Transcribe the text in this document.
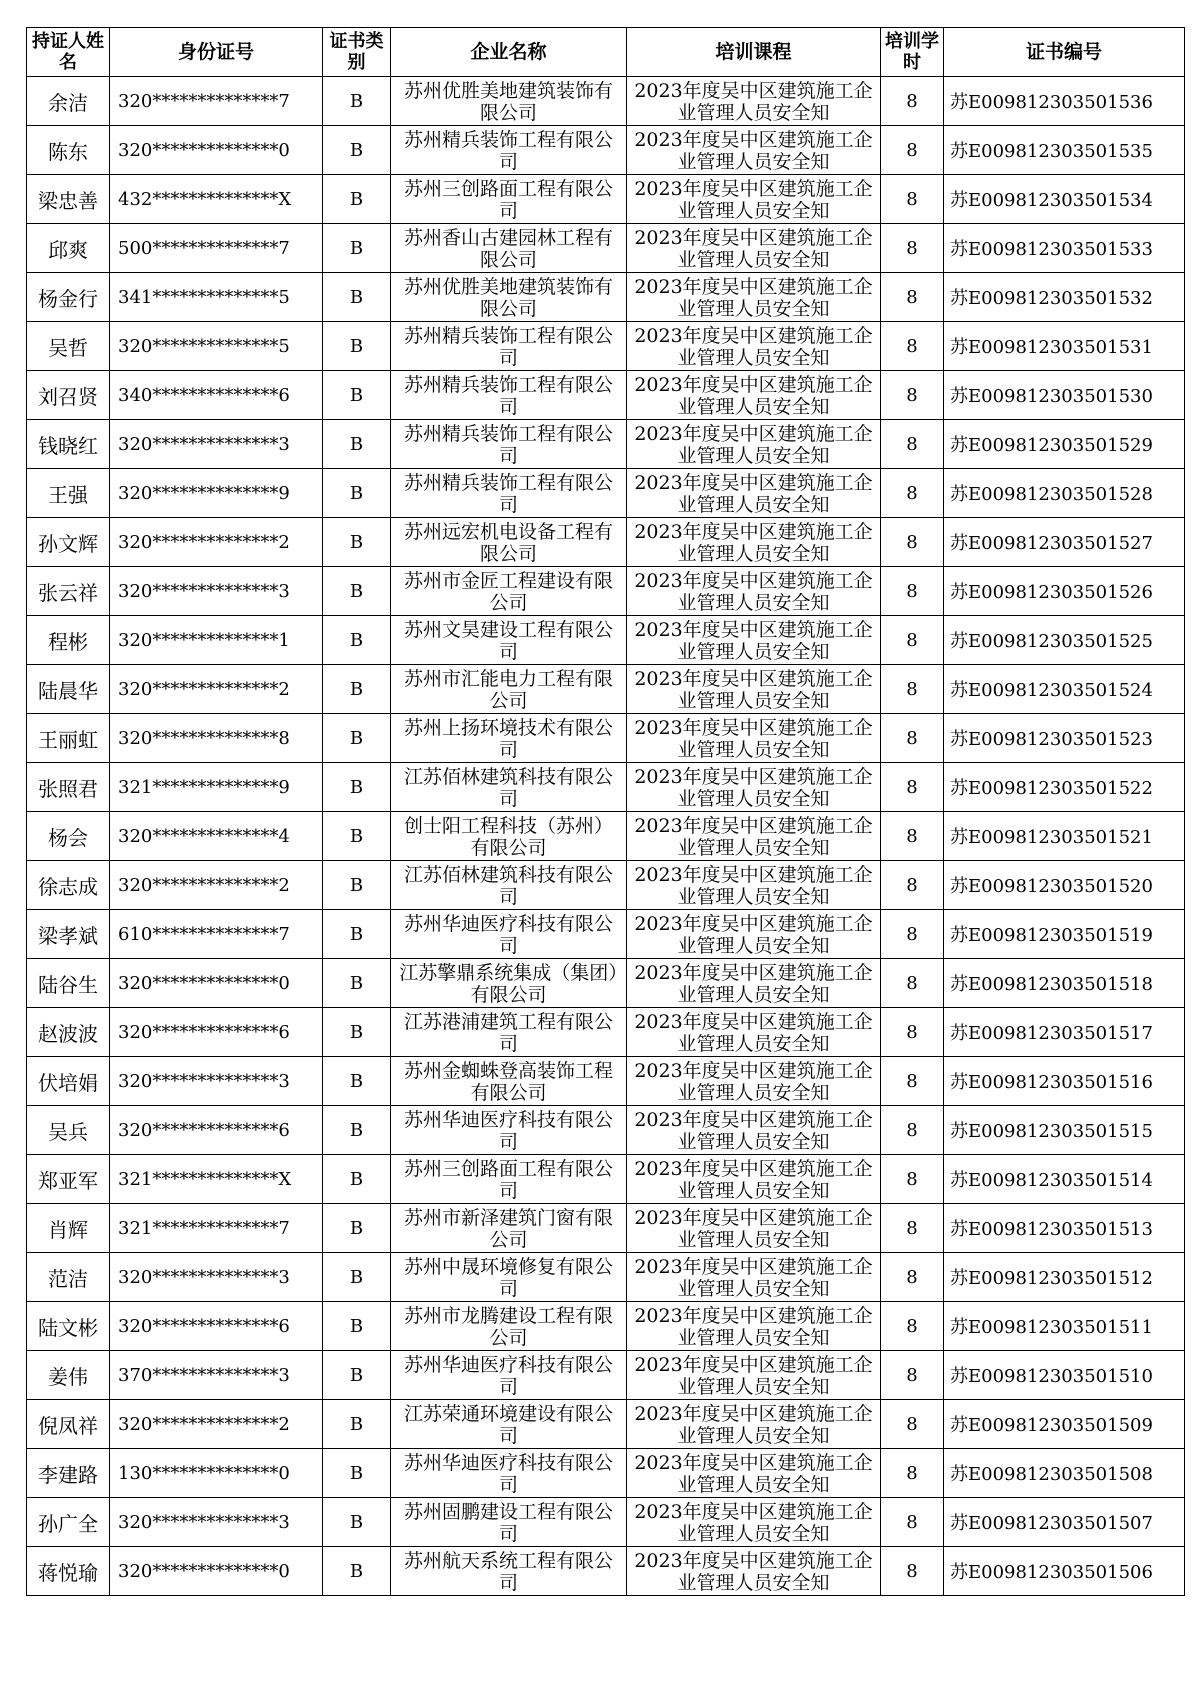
持证人姓名	身份证号	证书类别	企业名称	培训课程	培训学时	证书编号
余洁	320**************7	B	苏州优胜美地建筑装饰有限公司	2023年度吴中区建筑施工企业管理人员安全知	8	苏E009812303501536
陈东	320**************0	B	苏州精兵装饰工程有限公司	2023年度吴中区建筑施工企业管理人员安全知	8	苏E009812303501535
梁忠善	432**************X	B	苏州三创路面工程有限公司	2023年度吴中区建筑施工企业管理人员安全知	8	苏E009812303501534
邱爽	500**************7	B	苏州香山古建园林工程有限公司	2023年度吴中区建筑施工企业管理人员安全知	8	苏E009812303501533
杨金行	341**************5	B	苏州优胜美地建筑装饰有限公司	2023年度吴中区建筑施工企业管理人员安全知	8	苏E009812303501532
吴哲	320**************5	B	苏州精兵装饰工程有限公司	2023年度吴中区建筑施工企业管理人员安全知	8	苏E009812303501531
刘召贤	340**************6	B	苏州精兵装饰工程有限公司	2023年度吴中区建筑施工企业管理人员安全知	8	苏E009812303501530
钱晓红	320**************3	B	苏州精兵装饰工程有限公司	2023年度吴中区建筑施工企业管理人员安全知	8	苏E009812303501529
王强	320**************9	B	苏州精兵装饰工程有限公司	2023年度吴中区建筑施工企业管理人员安全知	8	苏E009812303501528
孙文辉	320**************2	B	苏州远宏机电设备工程有限公司	2023年度吴中区建筑施工企业管理人员安全知	8	苏E009812303501527
张云祥	320**************3	B	苏州市金匠工程建设有限公司	2023年度吴中区建筑施工企业管理人员安全知	8	苏E009812303501526
程彬	320**************1	B	苏州文昊建设工程有限公司	2023年度吴中区建筑施工企业管理人员安全知	8	苏E009812303501525
陆晨华	320**************2	B	苏州市汇能电力工程有限公司	2023年度吴中区建筑施工企业管理人员安全知	8	苏E009812303501524
王丽虹	320**************8	B	苏州上扬环境技术有限公司	2023年度吴中区建筑施工企业管理人员安全知	8	苏E009812303501523
张照君	321**************9	B	江苏佰林建筑科技有限公司	2023年度吴中区建筑施工企业管理人员安全知	8	苏E009812303501522
杨会	320**************4	B	创士阳工程科技（苏州）有限公司	2023年度吴中区建筑施工企业管理人员安全知	8	苏E009812303501521
徐志成	320**************2	B	江苏佰林建筑科技有限公司	2023年度吴中区建筑施工企业管理人员安全知	8	苏E009812303501520
梁孝斌	610**************7	B	苏州华迪医疗科技有限公司	2023年度吴中区建筑施工企业管理人员安全知	8	苏E009812303501519
陆谷生	320**************0	B	江苏擎鼎系统集成（集团）有限公司	2023年度吴中区建筑施工企业管理人员安全知	8	苏E009812303501518
赵波波	320**************6	B	江苏港浦建筑工程有限公司	2023年度吴中区建筑施工企业管理人员安全知	8	苏E009812303501517
伏培娟	320**************3	B	苏州金蜘蛛登高装饰工程有限公司	2023年度吴中区建筑施工企业管理人员安全知	8	苏E009812303501516
吴兵	320**************6	B	苏州华迪医疗科技有限公司	2023年度吴中区建筑施工企业管理人员安全知	8	苏E009812303501515
郑亚军	321**************X	B	苏州三创路面工程有限公司	2023年度吴中区建筑施工企业管理人员安全知	8	苏E009812303501514
肖辉	321**************7	B	苏州市新泽建筑门窗有限公司	2023年度吴中区建筑施工企业管理人员安全知	8	苏E009812303501513
范洁	320**************3	B	苏州中晟环境修复有限公司	2023年度吴中区建筑施工企业管理人员安全知	8	苏E009812303501512
陆文彬	320**************6	B	苏州市龙腾建设工程有限公司	2023年度吴中区建筑施工企业管理人员安全知	8	苏E009812303501511
姜伟	370**************3	B	苏州华迪医疗科技有限公司	2023年度吴中区建筑施工企业管理人员安全知	8	苏E009812303501510
倪凤祥	320**************2	B	江苏荣通环境建设有限公司	2023年度吴中区建筑施工企业管理人员安全知	8	苏E009812303501509
李建路	130**************0	B	苏州华迪医疗科技有限公司	2023年度吴中区建筑施工企业管理人员安全知	8	苏E009812303501508
孙广全	320**************3	B	苏州固鹏建设工程有限公司	2023年度吴中区建筑施工企业管理人员安全知	8	苏E009812303501507
蒋悦瑜	320**************0	B	苏州航天系统工程有限公司	2023年度吴中区建筑施工企业管理人员安全知	8	苏E009812303501506
